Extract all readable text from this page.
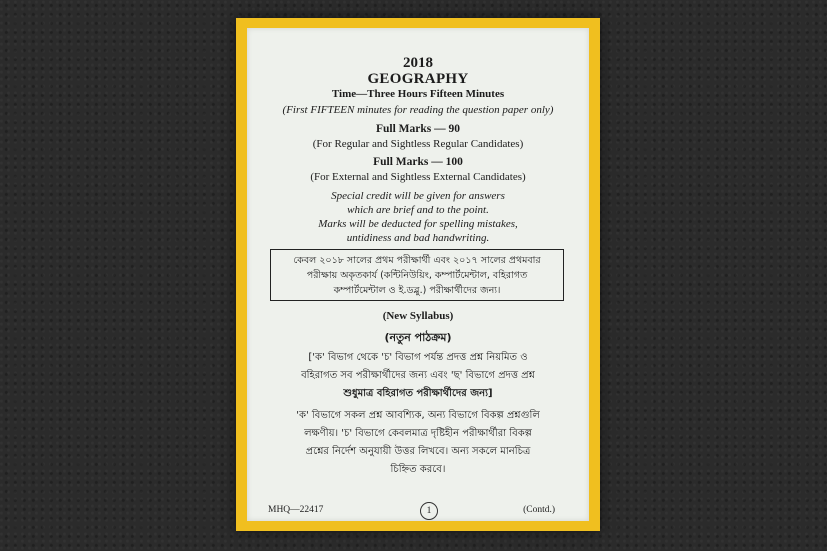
2018
GEOGRAPHY
Time—Three Hours Fifteen Minutes
(First FIFTEEN minutes for reading the question paper only)
Full Marks — 90
(For Regular and Sightless Regular Candidates)
Full Marks — 100
(For External and Sightless External Candidates)
Special credit will be given for answers
which are brief and to the point.
Marks will be deducted for spelling mistakes,
untidiness and bad handwriting.
কেবল ২০১৮ সালের প্রথম পরীক্ষার্থী এবং ২০১৭ সালের প্রথমবার
পরীক্ষায় অকৃতকার্য (কন্টিনিউয়িং, কম্পার্টমেন্টাল, বহিরাগত
কম্পার্টমেন্টাল ও ই.ডব্লু.) পরীক্ষার্থীদের জন্য।
(New Syllabus)
(নতুন পাঠক্রম)
['ক' বিভাগ থেকে 'চ' বিভাগ পর্যন্ত প্রদত্ত প্রশ্ন নিয়মিত ও
বহিরাগত সব পরীক্ষার্থীদের জন্য এবং 'ছ' বিভাগে প্রদত্ত প্রশ্ন
শুধুমাত্র বহিরাগত পরীক্ষার্থীদের জন্য]
'ক' বিভাগে সকল প্রশ্ন আবশ্যিক, অন্য বিভাগে বিকল্প প্রশ্নগুলি
লক্ষণীয়। 'চ' বিভাগে কেবলমাত্র দৃষ্টিহীন পরীক্ষার্থীরা বিকল্প
প্রশ্নের নির্দেশ অনুযায়ী উত্তর লিখবে। অন্য সকলে মানচিত্র
চিহ্নিত করবে।
MHQ—22417	1	(Contd.)
